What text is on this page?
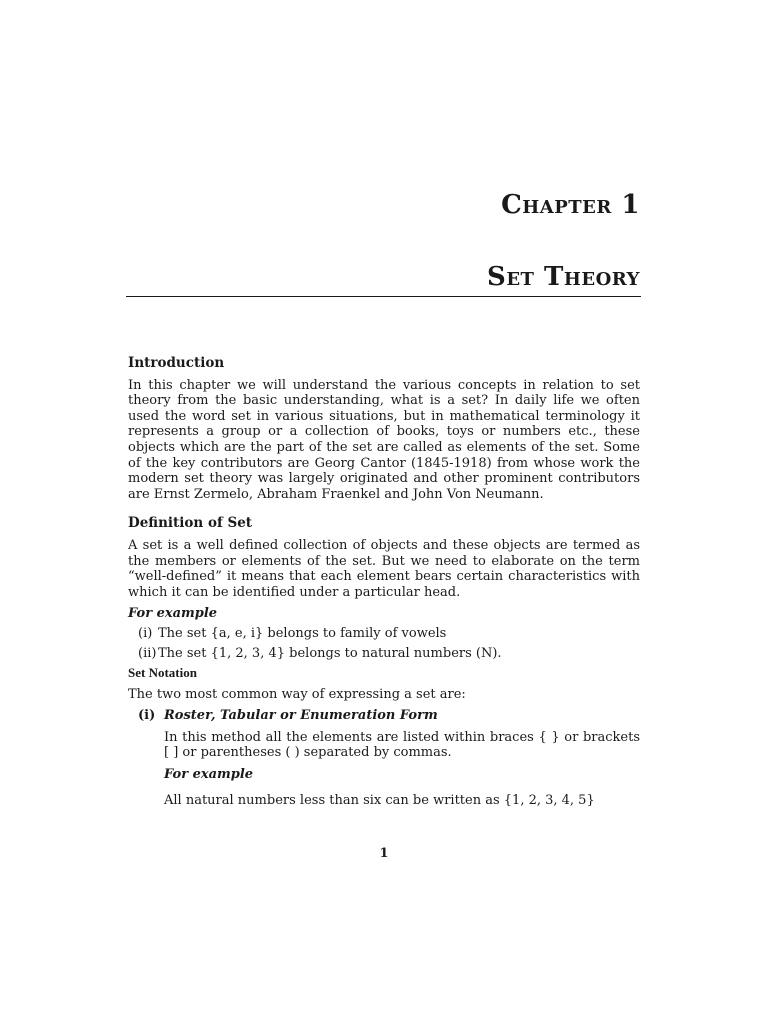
Chapter 1
Set Theory
Introduction

In this chapter we will understand the various concepts in relation to set theory from the basic understanding, what is a set? In daily life we often used the word set in various situations, but in mathematical terminology it represents a group or a collection of books, toys or numbers etc., these objects which are the part of the set are called as elements of the set. Some of the key contributors are Georg Cantor (1845-1918) from whose work the modern set theory was largely originated and other prominent contributors are Ernst Zermelo, Abraham Fraenkel and John Von Neumann.

Definition of Set

A set is a well defined collection of objects and these objects are termed as the members or elements of the set. But we need to elaborate on the term “well-defined” it means that each element bears certain characteristics with which it can be identified under a particular head.

For example
(i) The set {a, e, i} belongs to family of vowels
(ii) The set {1, 2, 3, 4} belongs to natural numbers (N).
Set Notation

The two most common way of expressing a set are:

(i) Roster, Tabular or Enumeration Form

In this method all the elements are listed within braces { } or brackets [ ] or parentheses ( ) separated by commas.

For example

All natural numbers less than six can be written as {1, 2, 3, 4, 5}

1
